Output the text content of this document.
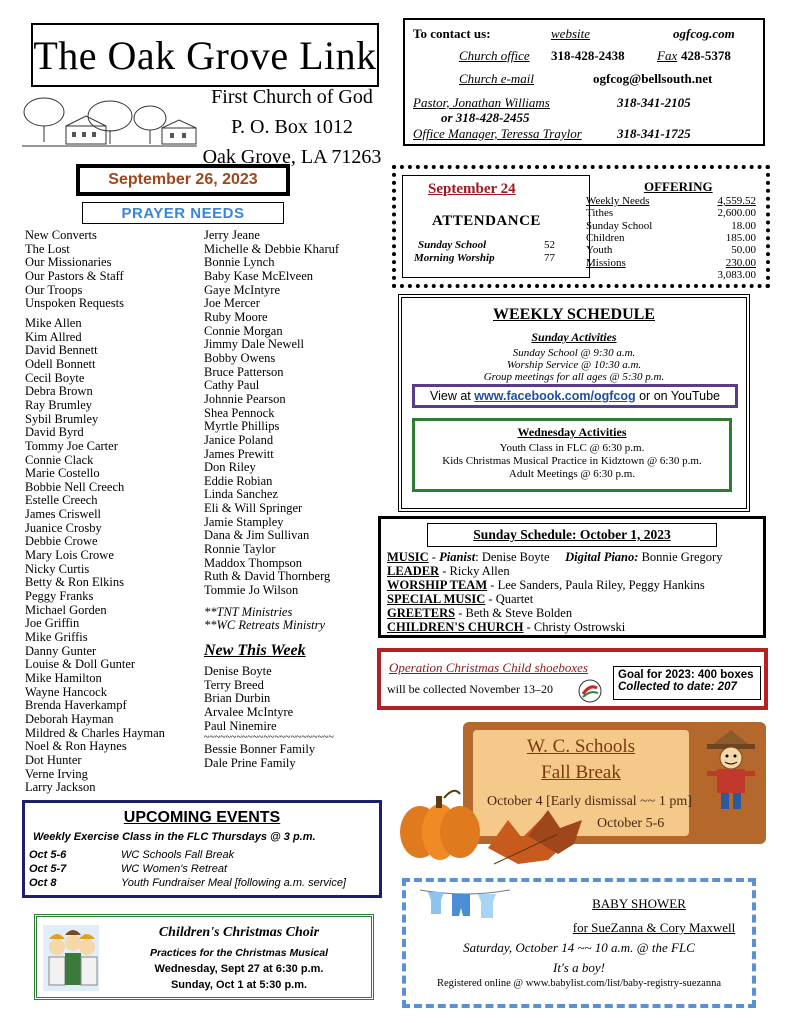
The Oak Grove Link
First Church of God
P. O. Box 1012
Oak Grove, LA 71263
To contact us:	website	ogfcog.com
Church office 318-428-2438 Fax 428-5378
Church e-mail	ogfcog@bellsouth.net
Pastor, Jonathan Williams	318-341-2105
or 318-428-2455
Office Manager, Teressa Traylor	318-341-1725
September 26, 2023
PRAYER NEEDS
New Converts
The Lost
Our Missionaries
Our Pastors & Staff
Our Troops
Unspoken Requests
Mike Allen
Kim Allred
David Bennett
Odell Bonnett
Cecil Boyte
Debra Brown
Ray Brumley
Sybil Brumley
David Byrd
Tommy Joe Carter
Connie Clack
Marie Costello
Bobbie Nell Creech
Estelle Creech
James Criswell
Juanice Crosby
Debbie Crowe
Mary Lois Crowe
Nicky Curtis
Betty & Ron Elkins
Peggy Franks
Michael Gorden
Joe Griffin
Mike Griffis
Danny Gunter
Louise & Doll Gunter
Mike Hamilton
Wayne Hancock
Brenda Haverkampf
Deborah Hayman
Mildred & Charles Hayman
Noel & Ron Haynes
Dot Hunter
Verne Irving
Larry Jackson
Jerry Jeane
Michelle & Debbie Kharuf
Bonnie Lynch
Baby Kase McElveen
Gaye McIntyre
Joe Mercer
Ruby Moore
Connie Morgan
Jimmy Dale Newell
Bobby Owens
Bruce Patterson
Cathy Paul
Johnnie Pearson
Shea Pennock
Myrtle Phillips
Janice Poland
James Prewitt
Don Riley
Eddie Robian
Linda Sanchez
Eli & Will Springer
Jamie Stampley
Dana & Jim Sullivan
Ronnie Taylor
Maddox Thompson
Ruth & David Thornberg
Tommie Jo Wilson
**TNT Ministries
**WC Retreats Ministry
New This Week
Denise Boyte
Terry Breed
Brian Durbin
Arvalee McIntyre
Paul Ninemire
~~~~~~~~~~~~~~~~~~~~~~~~
Bessie Bonner Family
Dale Prine Family
September 24
ATTENDANCE
Sunday School	52
Morning Worship	77
OFFERING
Weekly Needs	4,559.52
Tithes	2,600.00
Sunday School	18.00
Children	185.00
Youth	50.00
Missions	230.00
3,083.00
WEEKLY SCHEDULE
Sunday Activities
Sunday School @ 9:30 a.m.
Worship Service @ 10:30 a.m.
Group meetings for all ages @ 5:30 p.m.
View at
www.facebook.com/ogfcog
or on YouTube
Wednesday Activities
Youth Class in FLC @ 6:30 p.m.
Kids Christmas Musical Practice in Kidztown @ 6:30 p.m.
Adult Meetings @ 6:30 p.m.
Sunday Schedule: October 1, 2023
MUSIC - Pianist: Denise Boyte Digital Piano: Bonnie Gregory
LEADER - Ricky Allen
WORSHIP TEAM - Lee Sanders, Paula Riley, Peggy Hankins
SPECIAL MUSIC - Quartet
GREETERS - Beth & Steve Bolden
CHILDREN'S CHURCH - Christy Ostrowski
Operation Christmas Child shoeboxes
will be collected November 13–20
Goal for 2023: 400 boxes
Collected to date: 207
W. C. Schools
Fall Break
October 4 [Early dismissal ~~ 1 pm]
October 5-6
UPCOMING EVENTS
Weekly Exercise Class in the FLC Thursdays @ 3 p.m.
Oct 5-6	WC Schools Fall Break
Oct 5-7	WC Women's Retreat
Oct 8	Youth Fundraiser Meal [following a.m. service]
Children's Christmas Choir
Practices for the Christmas Musical
Wednesday, Sept 27 at 6:30 p.m.
Sunday, Oct 1 at 5:30 p.m.
BABY SHOWER
for SueZanna & Cory Maxwell
Saturday, October 14 ~~ 10 a.m. @ the FLC
It's a boy!
Registered online @ www.babylist.com/list/baby-registry-suezanna
